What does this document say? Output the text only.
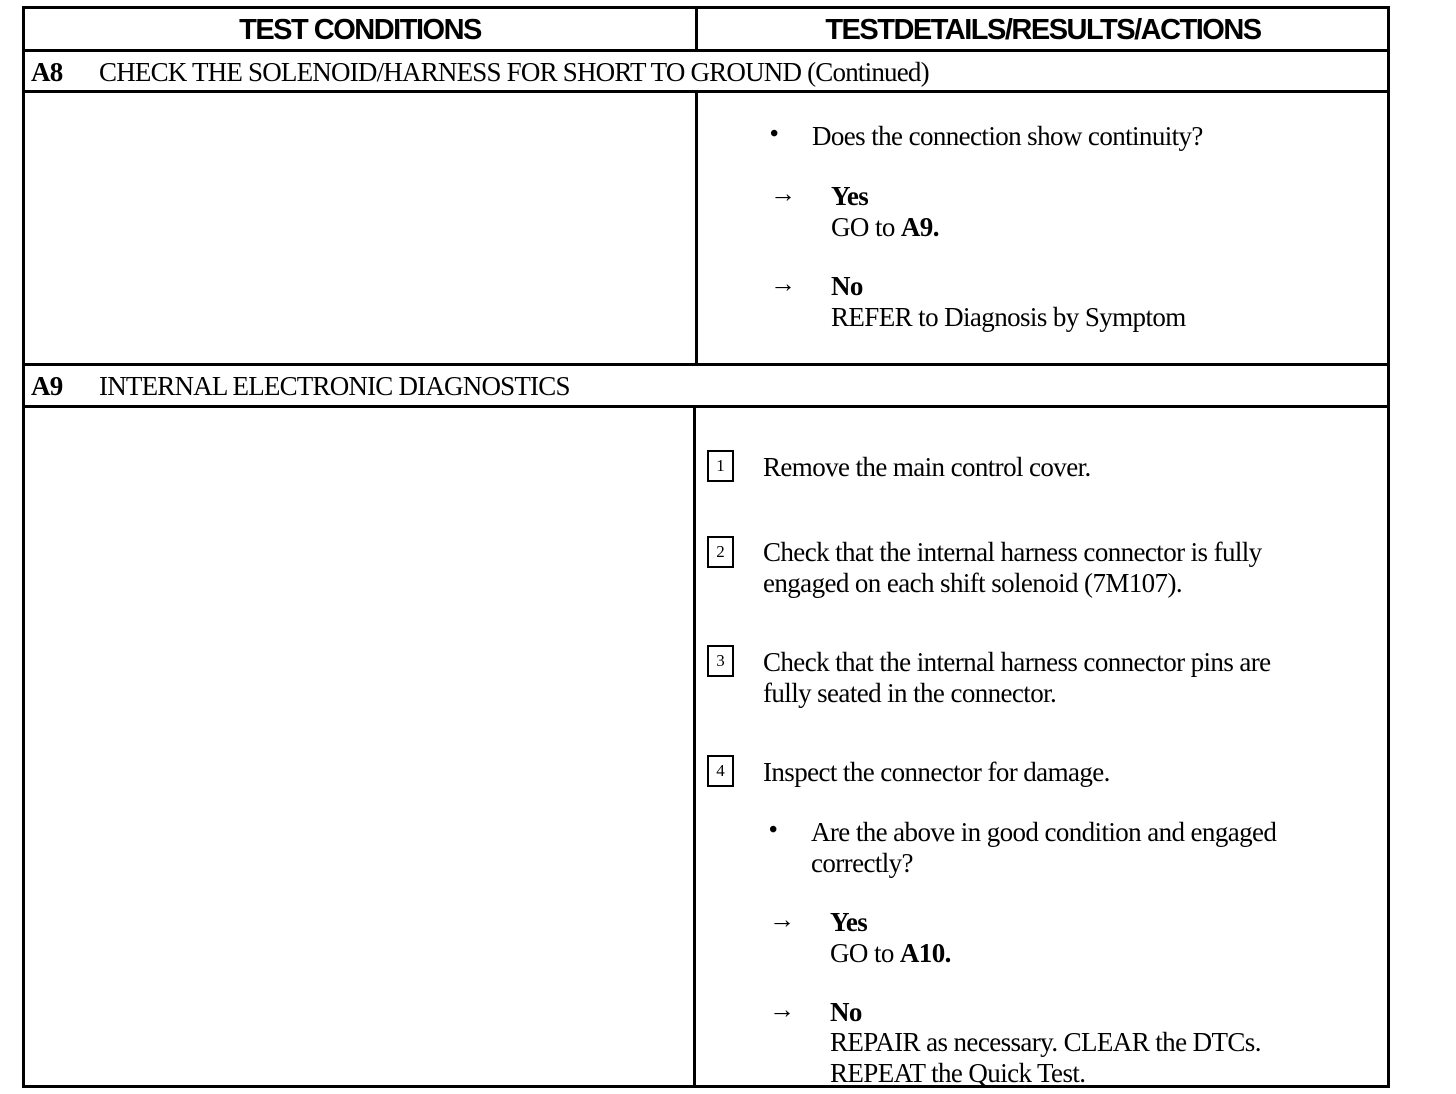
TEST CONDITIONS	TESTDETAILS/RESULTS/ACTIONS
A8 CHECK THE SOLENOID/HARNESS FOR SHORT TO GROUND (Continued)
• Does the connection show continuity?
→ Yes
GO to A9.
→ No
REFER to Diagnosis by Symptom
A9 INTERNAL ELECTRONIC DIAGNOSTICS
1	Remove the main control cover.
2	Check that the internal harness connector is fully
engaged on each shift solenoid (7M107).
3	Check that the internal harness connector pins are
fully seated in the connector.
4	Inspect the connector for damage.
• Are the above in good condition and engaged
correctly?
→ Yes
GO to A10.
→ No
REPAIR as necessary. CLEAR the DTCs.
REPEAT the Quick Test.
